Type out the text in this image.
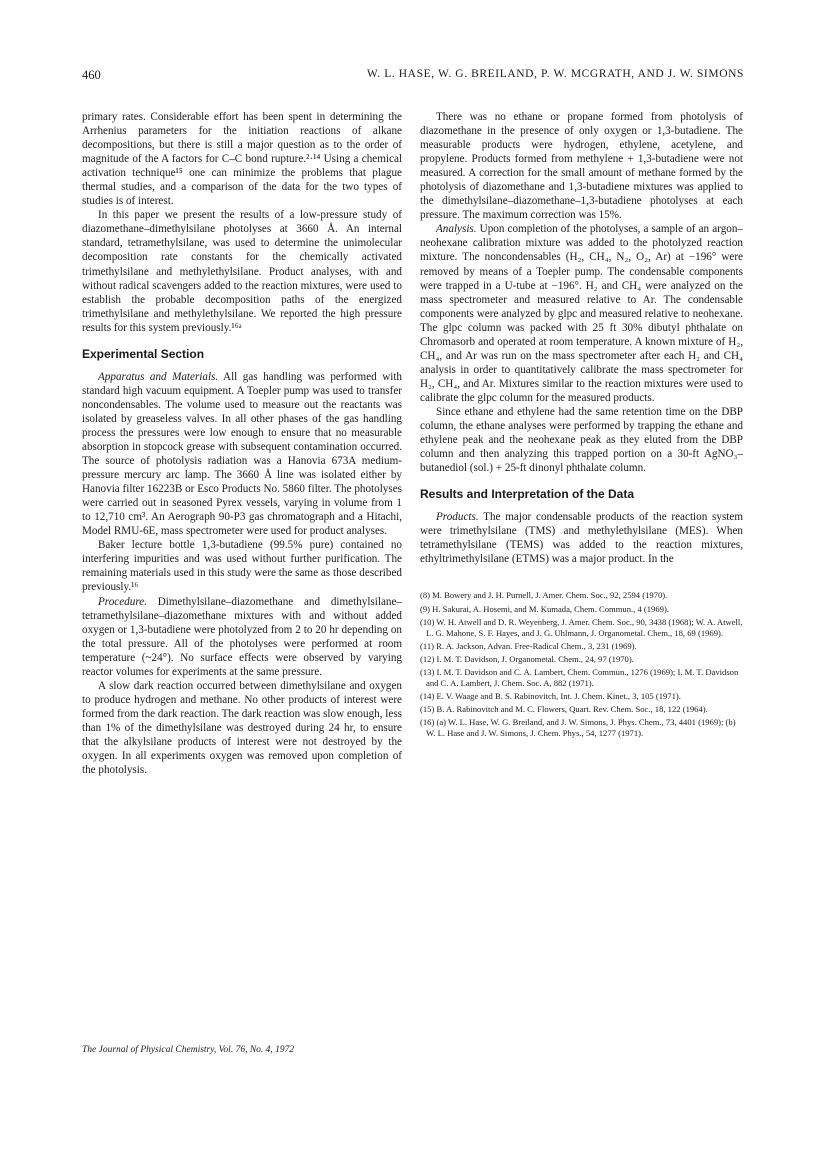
460	W. L. HASE, W. G. BREILAND, P. W. MCGRATH, AND J. W. SIMONS

primary rates. Considerable effort has been spent in determining the Arrhenius parameters for the initiation reactions of alkane decompositions, but there is still a major question as to the order of magnitude of the A factors for C–C bond rupture.²·¹⁴ Using a chemical activation technique¹⁵ one can minimize the problems that plague thermal studies, and a comparison of the data for the two types of studies is of interest.

In this paper we present the results of a low-pressure study of diazomethane–dimethylsilane photolyses at 3660 Å. An internal standard, tetramethylsilane, was used to determine the unimolecular decomposition rate constants for the chemically activated trimethylsilane and methylethylsilane. Product analyses, with and without radical scavengers added to the reaction mixtures, were used to establish the probable decomposition paths of the energized trimethylsilane and methylethylsilane. We reported the high pressure results for this system previously.¹⁶ᵃ

Experimental Section

Apparatus and Materials. All gas handling was performed with standard high vacuum equipment. A Toepler pump was used to transfer noncondensables. The volume used to measure out the reactants was isolated by greaseless valves. In all other phases of the gas handling process the pressures were low enough to ensure that no measurable absorption in stopcock grease with subsequent contamination occurred. The source of photolysis radiation was a Hanovia 673A medium-pressure mercury arc lamp. The 3660 Å line was isolated either by Hanovia filter 16223B or Esco Products No. 5860 filter. The photolyses were carried out in seasoned Pyrex vessels, varying in volume from 1 to 12,710 cm³. An Aerograph 90-P3 gas chromatograph and a Hitachi, Model RMU-6E, mass spectrometer were used for product analyses.

Baker lecture bottle 1,3-butadiene (99.5% pure) contained no interfering impurities and was used without further purification. The remaining materials used in this study were the same as those described previously.¹⁶

Procedure. Dimethylsilane–diazomethane and dimethylsilane–tetramethylsilane–diazomethane mixtures with and without added oxygen or 1,3-butadiene were photolyzed from 2 to 20 hr depending on the total pressure. All of the photolyses were performed at room temperature (~24°). No surface effects were observed by varying reactor volumes for experiments at the same pressure.

A slow dark reaction occurred between dimethylsilane and oxygen to produce hydrogen and methane. No other products of interest were formed from the dark reaction. The dark reaction was slow enough, less than 1% of the dimethylsilane was destroyed during 24 hr, to ensure that the alkylsilane products of interest were not destroyed by the oxygen. In all experiments oxygen was removed upon completion of the photolysis.

There was no ethane or propane formed from photolysis of diazomethane in the presence of only oxygen or 1,3-butadiene. The measurable products were hydrogen, ethylene, acetylene, and propylene. Products formed from methylene + 1,3-butadiene were not measured. A correction for the small amount of methane formed by the photolysis of diazomethane and 1,3-butadiene mixtures was applied to the dimethylsilane–diazomethane–1,3-butadiene photolyses at each pressure. The maximum correction was 15%.

Analysis. Upon completion of the photolyses, a sample of an argon–neohexane calibration mixture was added to the photolyzed reaction mixture. The noncondensables (H₂, CH₄, N₂, O₂, Ar) at −196° were removed by means of a Toepler pump. The condensable components were trapped in a U-tube at −196°. H₂ and CH₄ were analyzed on the mass spectrometer and measured relative to Ar. The condensable components were analyzed by glpc and measured relative to neohexane. The glpc column was packed with 25 ft 30% dibutyl phthalate on Chromasorb and operated at room temperature. A known mixture of H₂, CH₄, and Ar was run on the mass spectrometer after each H₂ and CH₄ analysis in order to quantitatively calibrate the mass spectrometer for H₂, CH₄, and Ar. Mixtures similar to the reaction mixtures were used to calibrate the glpc column for the measured products.

Since ethane and ethylene had the same retention time on the DBP column, the ethane analyses were performed by trapping the ethane and ethylene peak and the neohexane peak as they eluted from the DBP column and then analyzing this trapped portion on a 30-ft AgNO₃–butanediol (sol.) + 25-ft dinonyl phthalate column.

Results and Interpretation of the Data

Products. The major condensable products of the reaction system were trimethylsilane (TMS) and methylethylsilane (MES). When tetramethylsilane (TEMS) was added to the reaction mixtures, ethyltrimethylsilane (ETMS) was a major product. In the

(8) M. Bowery and J. H. Purnell, J. Amer. Chem. Soc., 92, 2594 (1970).

(9) H. Sakurai, A. Hosemi, and M. Kumada, Chem. Commun., 4 (1969).

(10) W. H. Atwell and D. R. Weyenberg, J. Amer. Chem. Soc., 90, 3438 (1968); W. A. Atwell, L. G. Mahone, S. F. Hayes, and J. G. Uhlmann, J. Organometal. Chem., 18, 69 (1969).

(11) R. A. Jackson, Advan. Free-Radical Chem., 3, 231 (1969).

(12) I. M. T. Davidson, J. Organometal. Chem., 24, 97 (1970).

(13) I. M. T. Davidson and C. A. Lambert, Chem. Commun., 1276 (1969); I. M. T. Davidson and C. A. Lambert, J. Chem. Soc. A, 882 (1971).

(14) E. V. Waage and B. S. Rabinovitch, Int. J. Chem. Kinet., 3, 105 (1971).

(15) B. A. Rabinovitch and M. C. Flowers, Quart. Rev. Chem. Soc., 18, 122 (1964).

(16) (a) W. L. Hase, W. G. Breiland, and J. W. Simons, J. Phys. Chem., 73, 4401 (1969); (b) W. L. Hase and J. W. Simons, J. Chem. Phys., 54, 1277 (1971).

The Journal of Physical Chemistry, Vol. 76, No. 4, 1972
